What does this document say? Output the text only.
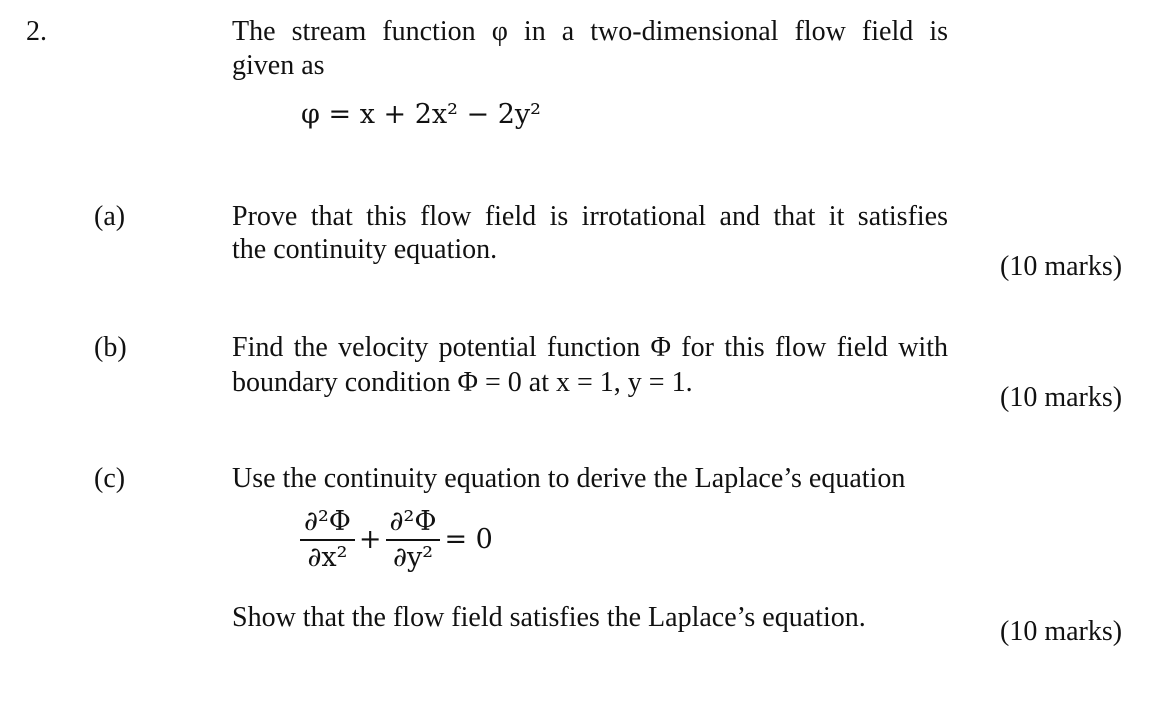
2.	The stream function φ in a two-dimensional flow field is
given as
φ = x + 2x² − 2y²
(a)	Prove that this flow field is irrotational and that it satisfies
the continuity equation.
(10 marks)
(b)	Find the velocity potential function Φ for this flow field with
boundary condition Φ = 0 at x = 1, y = 1.	(10 marks)
(c)	Use the continuity equation to derive the Laplace’s equation
$\frac{\text{∂²Φ}}{\text{∂x²}} + \frac{\text{∂²Φ}}{\text{∂y²}} = 0$
Show that the flow field satisfies the Laplace’s equation.	(10 marks)
